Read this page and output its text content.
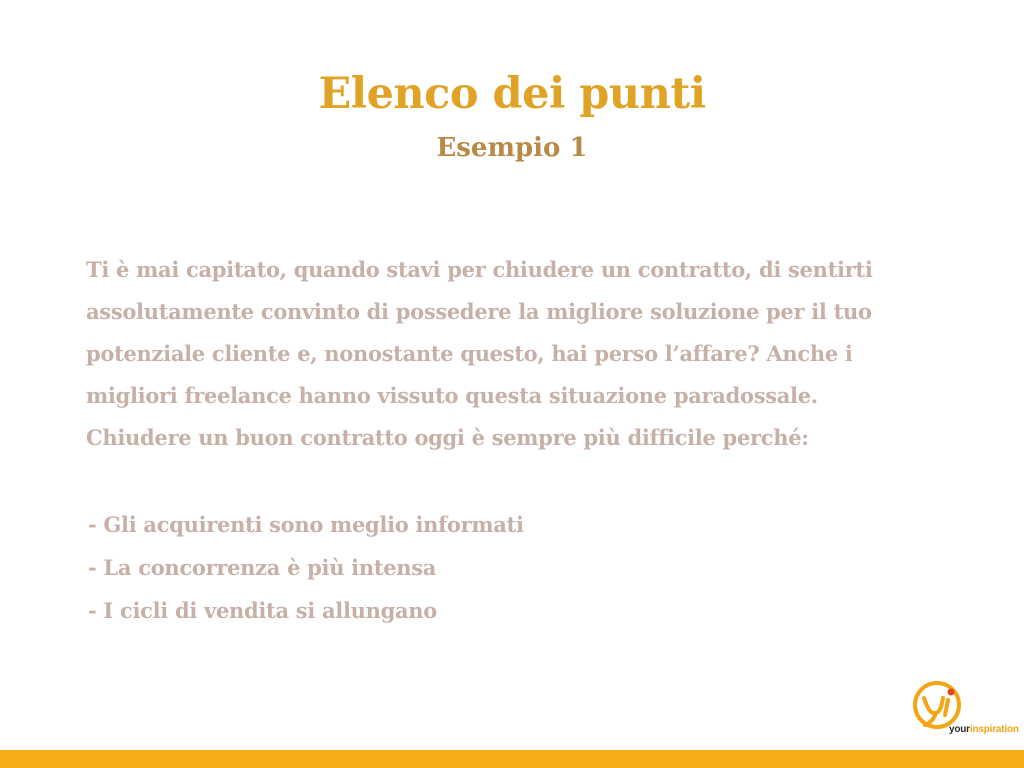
Elenco dei punti
Esempio 1
Ti è mai capitato, quando stavi per chiudere un contratto, di sentirti
assolutamente convinto di possedere la migliore soluzione per il tuo
potenziale cliente e, nonostante questo, hai perso l’affare? Anche i
migliori freelance hanno vissuto questa situazione paradossale.
Chiudere un buon contratto oggi è sempre più difficile perché:
- Gli acquirenti sono meglio informati
- La concorrenza è più intensa
- I cicli di vendita si allungano
yourinspiration
